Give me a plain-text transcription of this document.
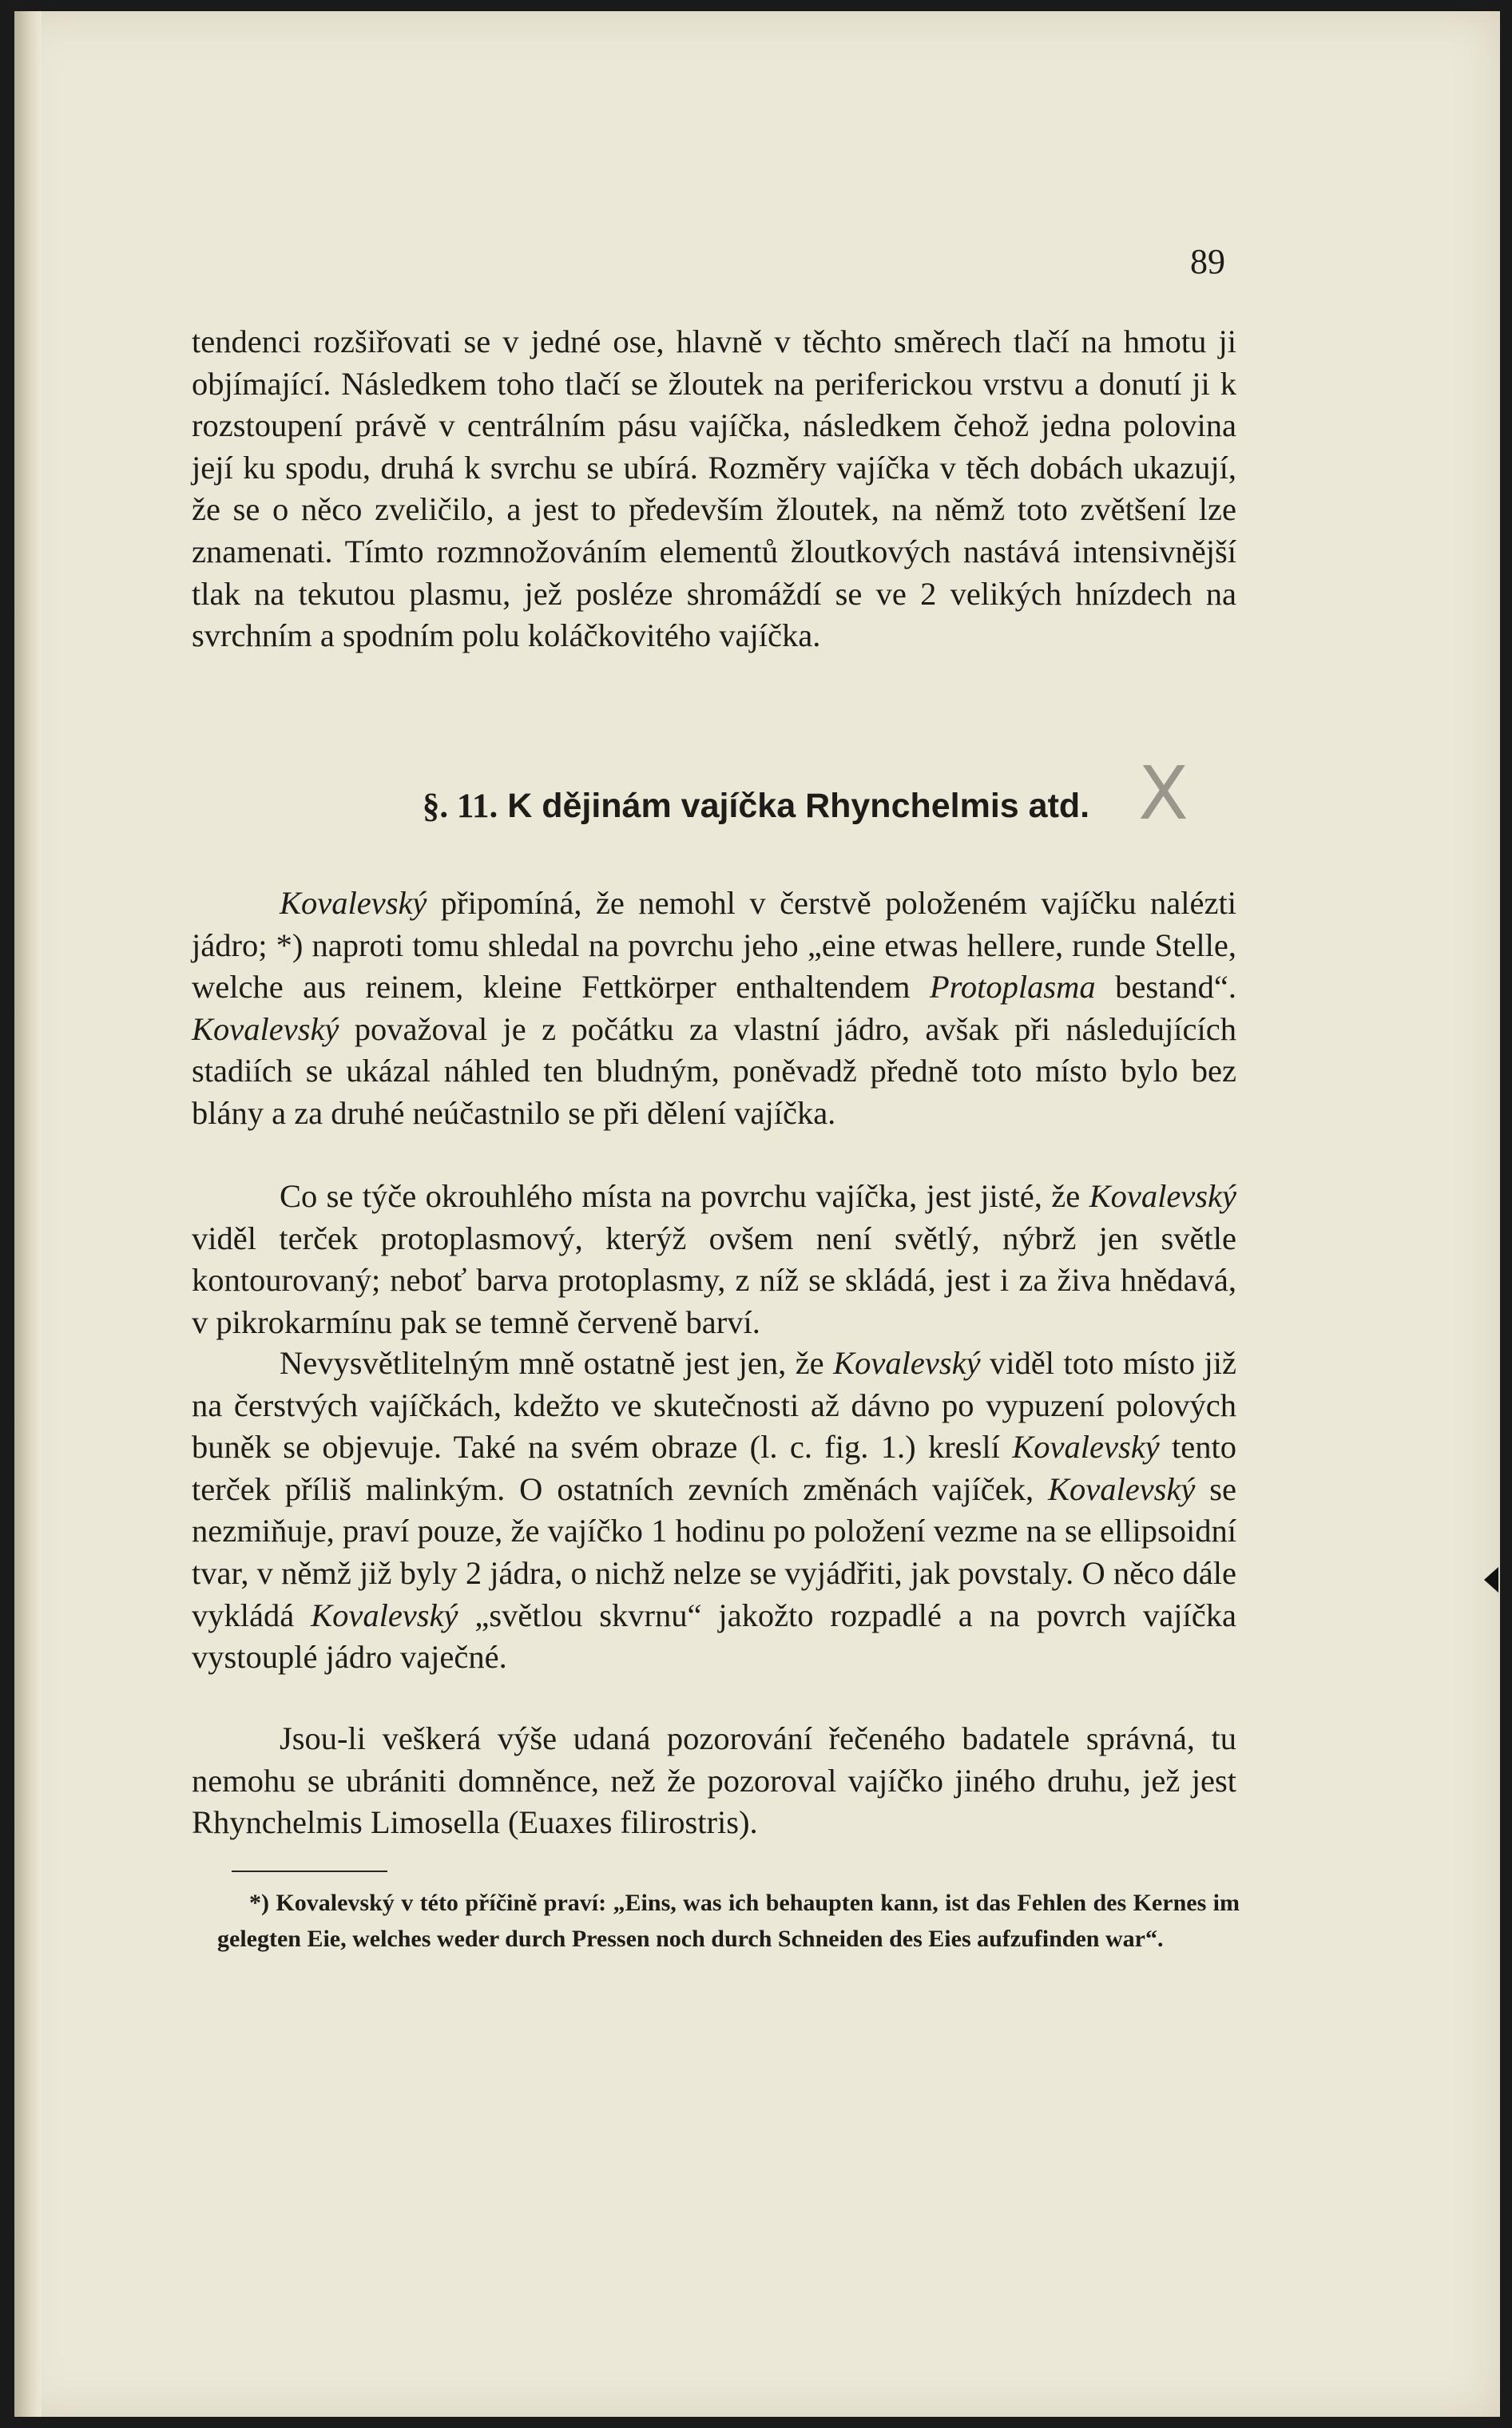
89

tendenci rozšiřovati se v jedné ose, hlavně v těchto směrech tlačí na hmotu ji objímající. Následkem toho tlačí se žloutek na periferickou vrstvu a donutí ji k rozstoupení právě v centrálním pásu vajíčka, následkem čehož jedna polovina její ku spodu, druhá k svrchu se ubírá. Rozměry vajíčka v těch dobách ukazují, že se o něco zveličilo, a jest to především žloutek, na němž toto zvětšení lze znamenati. Tímto rozmnožováním elementů žloutkových nastává intensivnější tlak na tekutou plasmu, jež posléze shromáždí se ve 2 velikých hnízdech na svrchním a spodním polu koláčkovitého vajíčka.

§. 11. K dějinám vajíčka Rhynchelmis atd. X

Kovalevský připomíná, že nemohl v čerstvě položeném vajíčku nalézti jádro; *) naproti tomu shledal na povrchu jeho „eine etwas hellere, runde Stelle, welche aus reinem, kleine Fettkörper enthaltendem Protoplasma bestand“. Kovalevský považoval je z počátku za vlastní jádro, avšak při následujících stadiích se ukázal náhled ten bludným, poněvadž předně toto místo bylo bez blány a za druhé neúčastnilo se při dělení vajíčka.

Co se týče okrouhlého místa na povrchu vajíčka, jest jisté, že Kovalevský viděl terček protoplasmový, kterýž ovšem není světlý, nýbrž jen světle kontourovaný; neboť barva protoplasmy, z níž se skládá, jest i za živa hnědavá, v pikrokarmínu pak se temně červeně barví.

Nevysvětlitelným mně ostatně jest jen, že Kovalevský viděl toto místo již na čerstvých vajíčkách, kdežto ve skutečnosti až dávno po vypuzení polových buněk se objevuje. Také na svém obraze (l. c. fig. 1.) kreslí Kovalevský tento terček příliš malinkým. O ostatních zevních změnách vajíček, Kovalevský se nezmiňuje, praví pouze, že vajíčko 1 hodinu po položení vezme na se ellipsoidní tvar, v němž již byly 2 jádra, o nichž nelze se vyjádřiti, jak povstaly. O něco dále vykládá Kovalevský „světlou skvrnu“ jakožto rozpadlé a na povrch vajíčka vystouplé jádro vaječné.

Jsou-li veškerá výše udaná pozorování řečeného badatele správná, tu nemohu se ubrániti domněnce, než že pozoroval vajíčko jiného druhu, jež jest Rhynchelmis Limosella (Euaxes filirostris).

*) Kovalevský v této příčině praví: „Eins, was ich behaupten kann, ist das Fehlen des Kernes im gelegten Eie, welches weder durch Pressen noch durch Schneiden des Eies aufzufinden war“.
